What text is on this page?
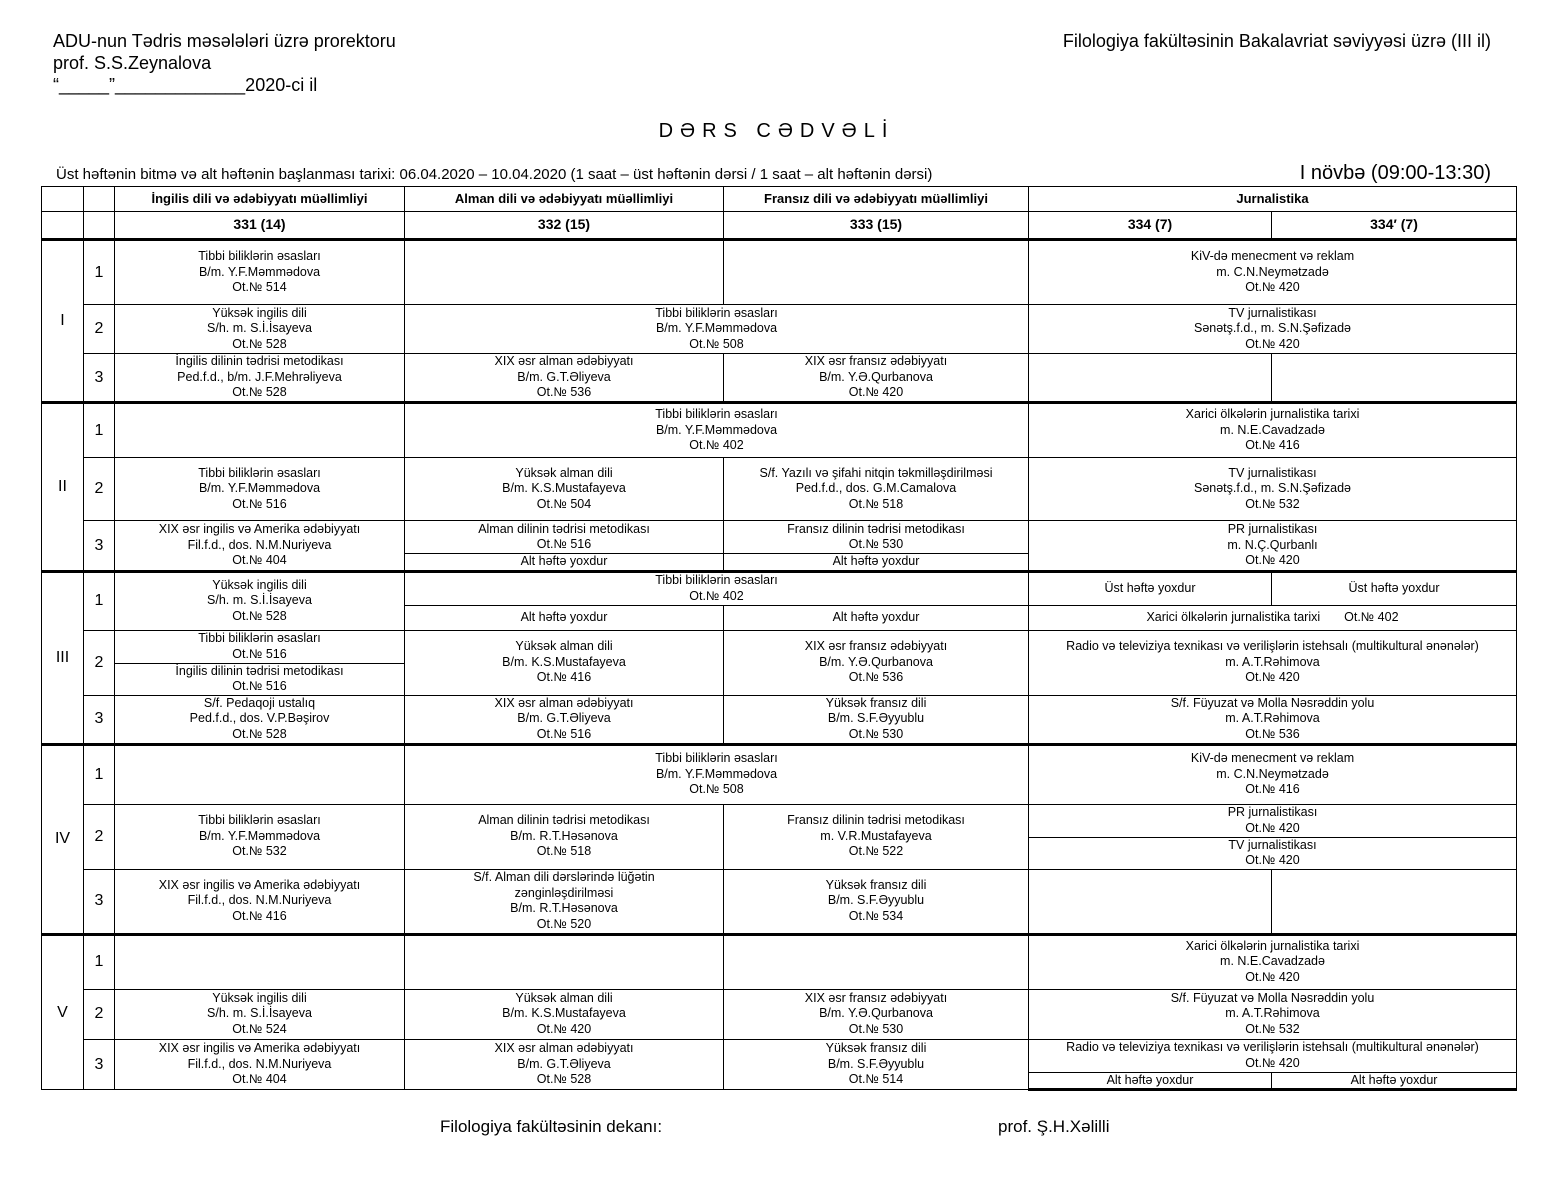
ADU-nun Tədris məsələləri üzrə prorektoru
prof. S.S.Zeynalova
“_____”_____________2020-ci il
Filologiya fakültəsinin Bakalavriat səviyyəsi üzrə (III il)
DƏRS CƏDVƏLİ
Üst həftənin bitmə və alt həftənin başlanması tarixi: 06.04.2020 – 10.04.2020 (1 saat – üst həftənin dərsi / 1 saat – alt həftənin dərsi)	I növbə (09:00-13:30)
		İngilis dili və ədəbiyyatı müəllimliyi	Alman dili və ədəbiyyatı müəllimliyi	Fransız dili və ədəbiyyatı müəllimliyi	Jurnalistika	
		331 (14)	332 (15)	333 (15)	334 (7)	334′ (7)
I	1	Tibbi biliklərin əsasları
B/m. Y.F.Məmmədova
Ot.№ 514			KiV-də menecment və reklam
m. C.N.Neymətzadə
Ot.№ 420	

	2	Yüksək ingilis dili
S/h. m. S.İ.İsayeva
Ot.№ 528	Tibbi biliklərin əsasları
B/m. Y.F.Məmmədova
Ot.№ 508		TV jurnalistikası
Sənətş.f.d., m. S.N.Şəfizadə
Ot.№ 420	

	3	İngilis dilinin tədrisi metodikası
Ped.f.d., b/m. J.F.Mehrəliyeva
Ot.№ 528	XIX əsr alman ədəbiyyatı
B/m. G.T.Əliyeva
Ot.№ 536	XIX əsr fransız ədəbiyyatı
B/m. Y.Ə.Qurbanova
Ot.№ 420		

II	1		Tibbi biliklərin əsasları
B/m. Y.F.Məmmədova
Ot.№ 402		Xarici ölkələrin jurnalistika tarixi
m. N.E.Cavadzadə
Ot.№ 416	

	2	Tibbi biliklərin əsasları
B/m. Y.F.Məmmədova
Ot.№ 516	Yüksək alman dili
B/m. K.S.Mustafayeva
Ot.№ 504	S/f. Yazılı və şifahi nitqin təkmilləşdirilməsi
Ped.f.d., dos. G.M.Camalova
Ot.№ 518	TV jurnalistikası
Sənətş.f.d., m. S.N.Şəfizadə
Ot.№ 532	

	3	XIX əsr ingilis və Amerika ədəbiyyatı
Fil.f.d., dos. N.M.Nuriyeva
Ot.№ 404	Alman dilinin tədrisi metodikası
Ot.№ 516	Fransız dilinin tədrisi metodikası
Ot.№ 530	PR jurnalistikası
m. N.Ç.Qurbanlı
Ot.№ 420	

			Alt həftə yoxdur	Alt həftə yoxdur		

III	1	Yüksək ingilis dili
S/h. m. S.İ.İsayeva
Ot.№ 528	Tibbi biliklərin əsasları
Ot.№ 402		Üst həftə yoxdur	Üst həftə yoxdur

			Alt həftə yoxdur	Alt həftə yoxdur	Xarici ölkələrin jurnalistika tarixi Ot.№ 402	
	2	Tibbi biliklərin əsasları
Ot.№ 516	Yüksək alman dili
B/m. K.S.Mustafayeva
Ot.№ 416	XIX əsr fransız ədəbiyyatı
B/m. Y.Ə.Qurbanova
Ot.№ 536	Radio və televiziya texnikası və verilişlərin istehsalı (multikultural ənənələr)
m. A.T.Rəhimova
Ot.№ 420	

		İngilis dilinin tədrisi metodikası
Ot.№ 516				

	3	S/f. Pedaqoji ustalıq
Ped.f.d., dos. V.P.Bəşirov
Ot.№ 528	XIX əsr alman ədəbiyyatı
B/m. G.T.Əliyeva
Ot.№ 516	Yüksək fransız dili
B/m. S.F.Əyyublu
Ot.№ 530	S/f. Füyuzat və Molla Nəsrəddin yolu
m. A.T.Rəhimova
Ot.№ 536	

IV	1		Tibbi biliklərin əsasları
B/m. Y.F.Məmmədova
Ot.№ 508		KiV-də menecment və reklam
m. C.N.Neymətzadə
Ot.№ 416	

	2	Tibbi biliklərin əsasları
B/m. Y.F.Məmmədova
Ot.№ 532	Alman dilinin tədrisi metodikası
B/m. R.T.Həsənova
Ot.№ 518	Fransız dilinin tədrisi metodikası
m. V.R.Mustafayeva
Ot.№ 522	PR jurnalistikası
Ot.№ 420	

					TV jurnalistikası
Ot.№ 420	

	3	XIX əsr ingilis və Amerika ədəbiyyatı
Fil.f.d., dos. N.M.Nuriyeva
Ot.№ 416	S/f. Alman dili dərslərində lüğətin
zənginləşdirilməsi
B/m. R.T.Həsənova
Ot.№ 520	Yüksək fransız dili
B/m. S.F.Əyyublu
Ot.№ 534		

V	1				Xarici ölkələrin jurnalistika tarixi
m. N.E.Cavadzadə
Ot.№ 420	

	2	Yüksək ingilis dili
S/h. m. S.İ.İsayeva
Ot.№ 524	Yüksək alman dili
B/m. K.S.Mustafayeva
Ot.№ 420	XIX əsr fransız ədəbiyyatı
B/m. Y.Ə.Qurbanova
Ot.№ 530	S/f. Füyuzat və Molla Nəsrəddin yolu
m. A.T.Rəhimova
Ot.№ 532	

	3	XIX əsr ingilis və Amerika ədəbiyyatı
Fil.f.d., dos. N.M.Nuriyeva
Ot.№ 404	XIX əsr alman ədəbiyyatı
B/m. G.T.Əliyeva
Ot.№ 528	Yüksək fransız dili
B/m. S.F.Əyyublu
Ot.№ 514	Radio və televiziya texnikası və verilişlərin istehsalı (multikultural ənənələr)
Ot.№ 420	

					Alt həftə yoxdur	Alt həftə yoxdur
Filologiya fakültəsinin dekanı:	prof. Ş.H.Xəlilli
